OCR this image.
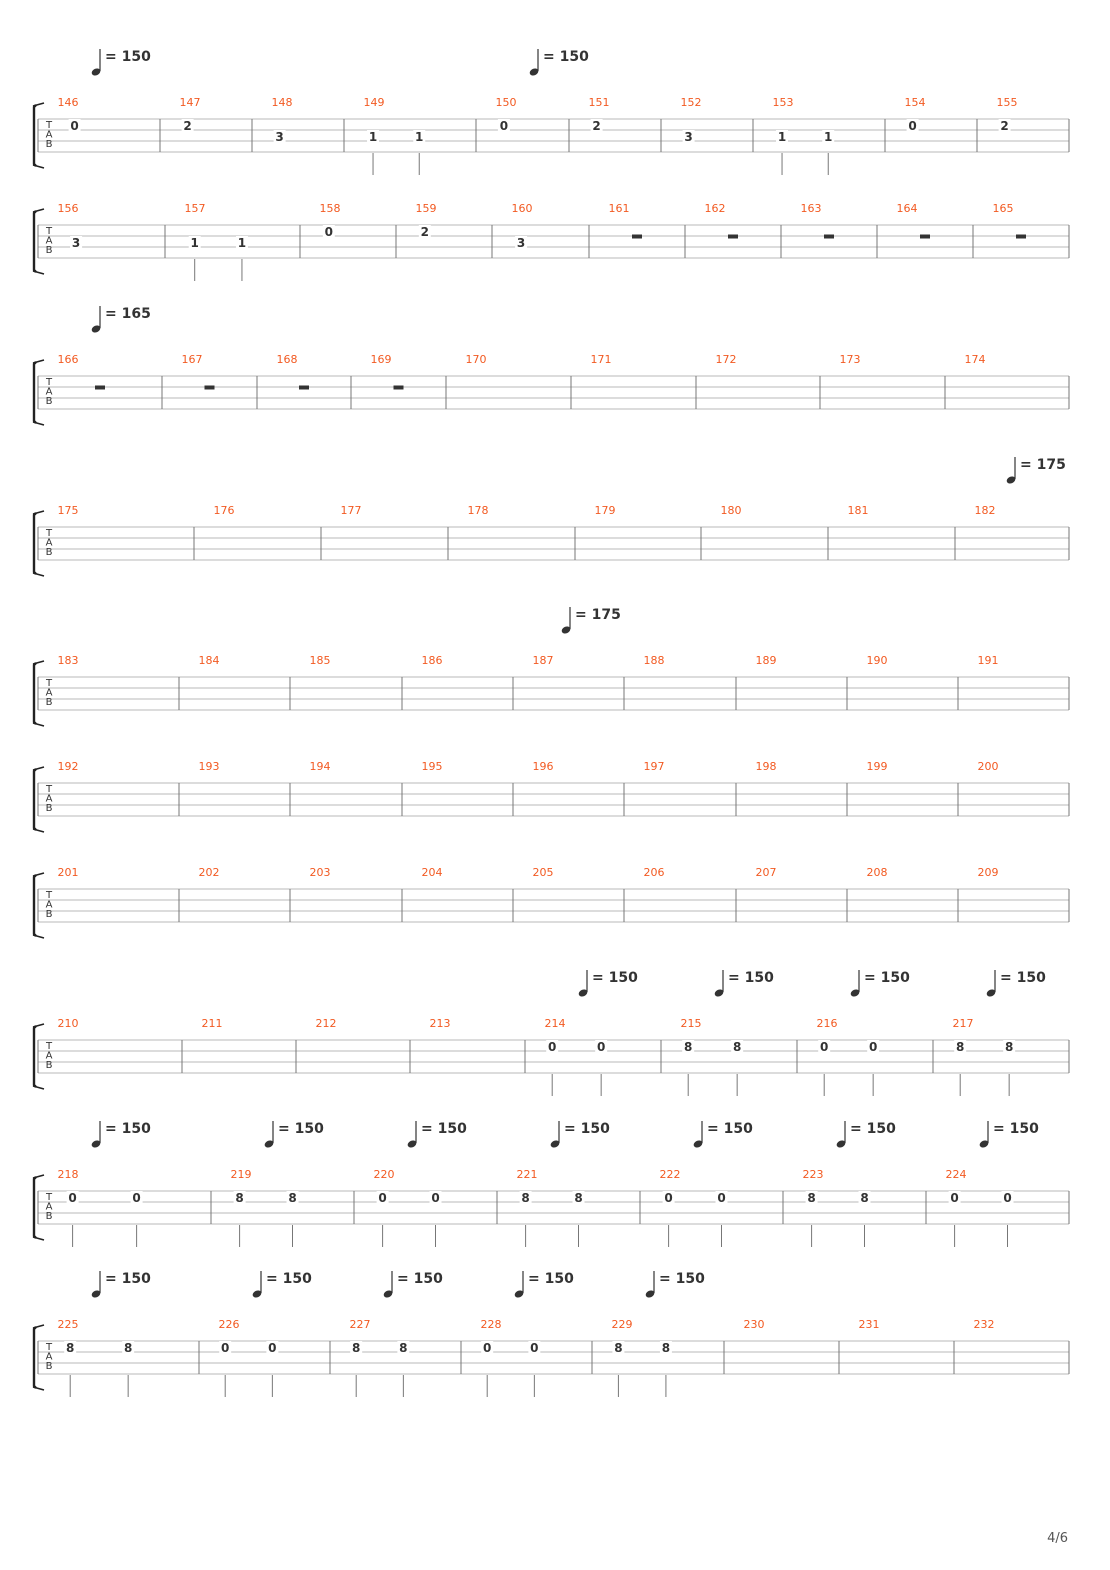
T
A
B
146
0
147
2
148
3
149
1	1
150
0
151
2
152
3
153
1	1
154
0
155
2
= 150	= 150
T
A
B
156
3
157
1	1
158
0
159
2
160
3
161	162	163	164	165
T
A
B
166	167	168	169	170	171	172	173	174
= 165
T
A
B
175	176	177	178	179	180	181	182
= 175
T
A
B
183	184	185	186	187	188	189	190	191
= 175
T
A
B
192	193	194	195	196	197	198	199	200
T
A
B
201	202	203	204	205	206	207	208	209
T
A
B
210	211	212	213	214
0	0
215
8	8
216
0	0
217
8	8
= 150	= 150	= 150	= 150
T
A
B
218
0	0
219
8	8
220
0	0
221
8	8
222
0	0
223
8	8
224
0	0
= 150	= 150	= 150	= 150	= 150	= 150	= 150
T
A
B
225
8	8
226
0	0
227
8	8
228
0	0
229
8	8
230	231	232
= 150	= 150	= 150	= 150	= 150
4/6
